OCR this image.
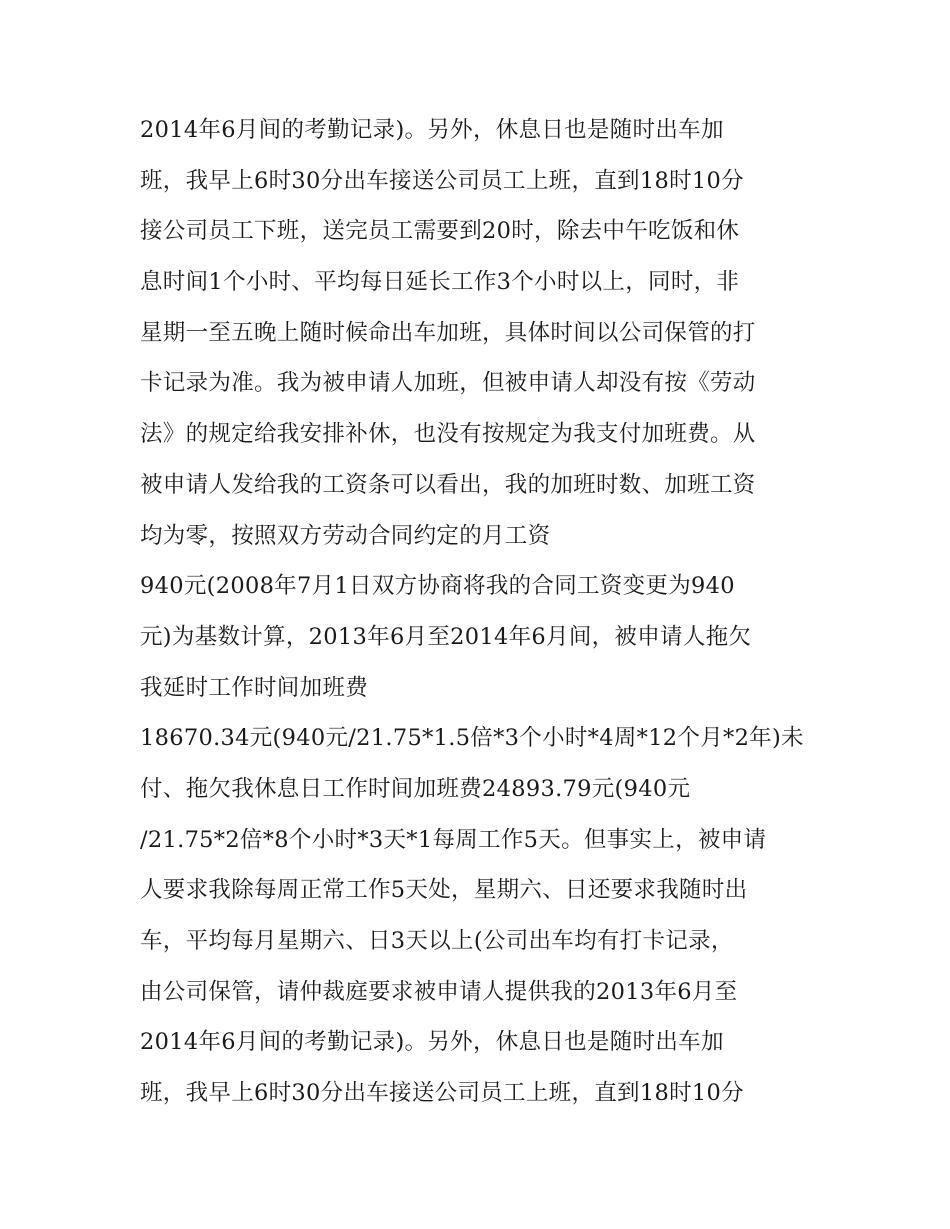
2014年6月间的考勤记录)。另外，休息日也是随时出车加
班，我早上6时30分出车接送公司员工上班，直到18时10分
接公司员工下班，送完员工需要到20时，除去中午吃饭和休
息时间1个小时、平均每日延长工作3个小时以上，同时，非
星期一至五晚上随时候命出车加班，具体时间以公司保管的打
卡记录为准。我为被申请人加班，但被申请人却没有按《劳动
法》的规定给我安排补休，也没有按规定为我支付加班费。从
被申请人发给我的工资条可以看出，我的加班时数、加班工资
均为零，按照双方劳动合同约定的月工资
940元(2008年7月1日双方协商将我的合同工资变更为940
元)为基数计算，2013年6月至2014年6月间，被申请人拖欠
我延时工作时间加班费
18670.34元(940元/21.75*1.5倍*3个小时*4周*12个月*2年)未
付、拖欠我休息日工作时间加班费24893.79元(940元
/21.75*2倍*8个小时*3天*1每周工作5天。但事实上，被申请
人要求我除每周正常工作5天处，星期六、日还要求我随时出
车，平均每月星期六、日3天以上(公司出车均有打卡记录，
由公司保管，请仲裁庭要求被申请人提供我的2013年6月至
2014年6月间的考勤记录)。另外，休息日也是随时出车加
班，我早上6时30分出车接送公司员工上班，直到18时10分
